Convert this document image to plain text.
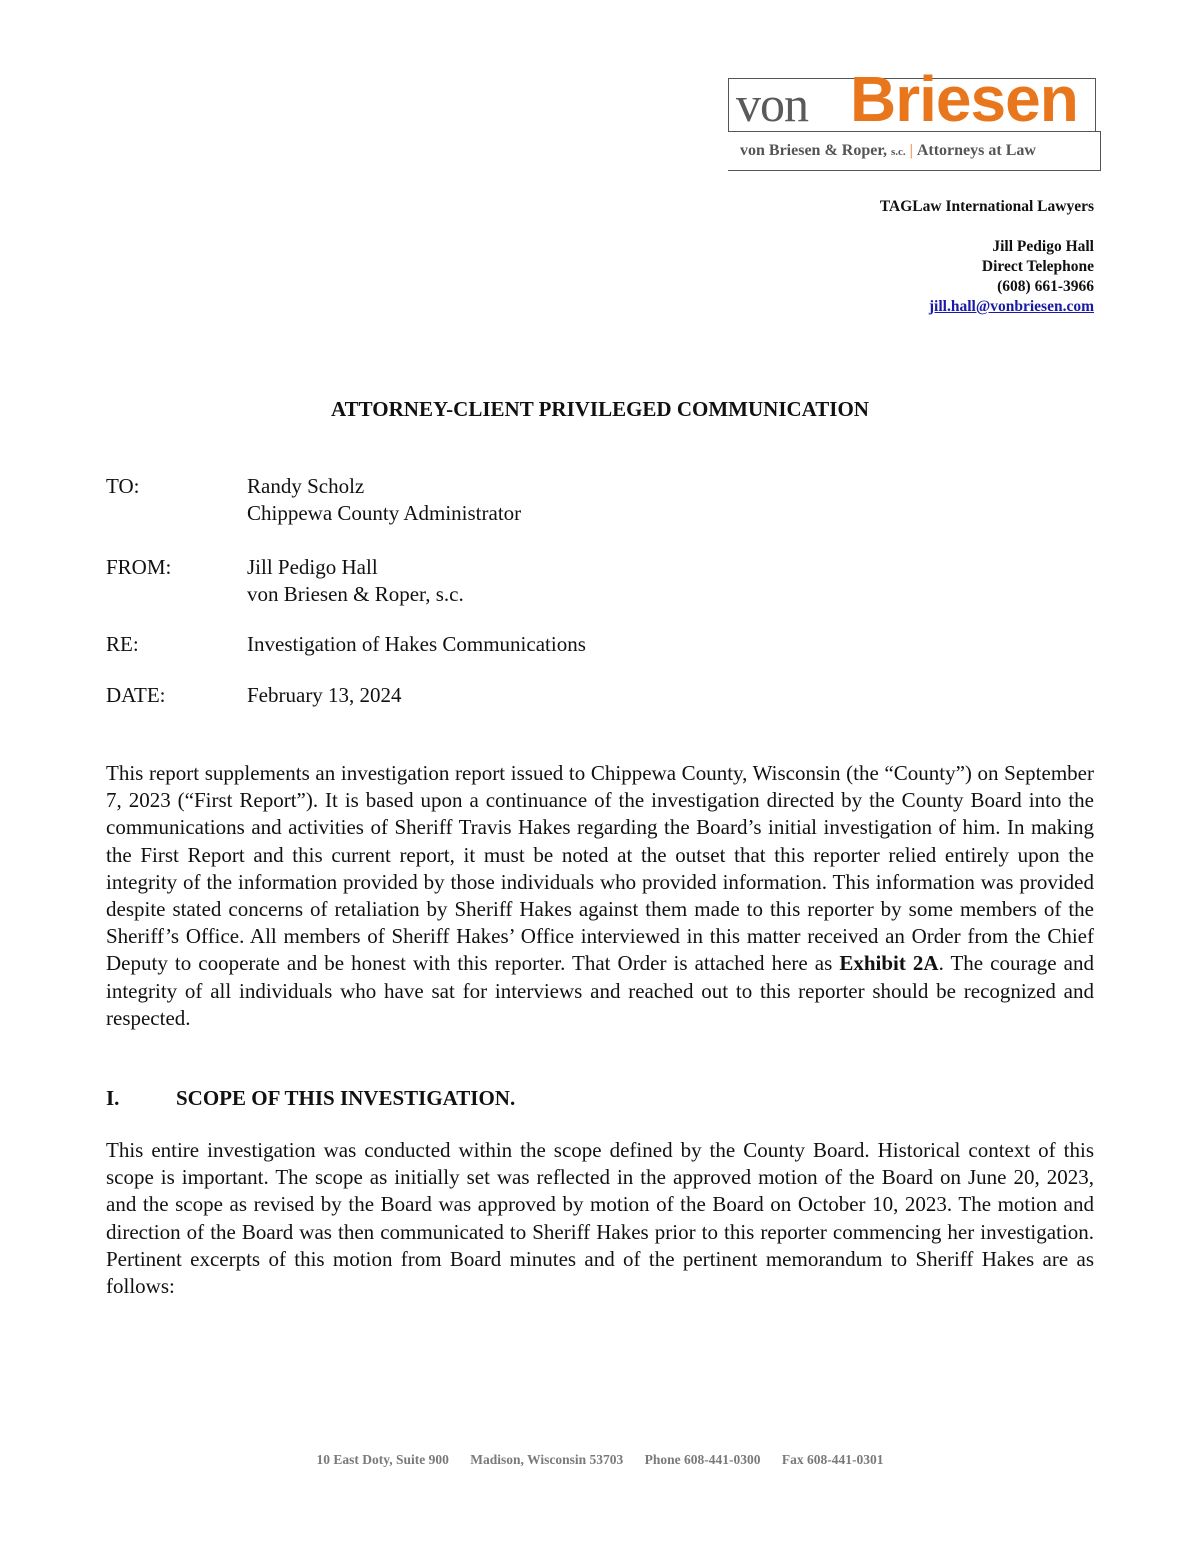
von Briesen
von Briesen & Roper, s.c. | Attorneys at Law
TAGLaw International Lawyers
Jill Pedigo Hall
Direct Telephone
(608) 661-3966
jill.hall@vonbriesen.com
ATTORNEY-CLIENT PRIVILEGED COMMUNICATION
TO:	Randy Scholz
Chippewa County Administrator
FROM:	Jill Pedigo Hall
von Briesen & Roper, s.c.
RE:	Investigation of Hakes Communications
DATE:	February 13, 2024

This report supplements an investigation report issued to Chippewa County, Wisconsin (the “County”) on September 7, 2023 (“First Report”). It is based upon a continuance of the investigation directed by the County Board into the communications and activities of Sheriff Travis Hakes regarding the Board’s initial investigation of him. In making the First Report and this current report, it must be noted at the outset that this reporter relied entirely upon the integrity of the information provided by those individuals who provided information. This information was provided despite stated concerns of retaliation by Sheriff Hakes against them made to this reporter by some members of the Sheriff’s Office. All members of Sheriff Hakes’ Office interviewed in this matter received an Order from the Chief Deputy to cooperate and be honest with this reporter. That Order is attached here as Exhibit 2A. The courage and integrity of all individuals who have sat for interviews and reached out to this reporter should be recognized and respected.

I.	SCOPE OF THIS INVESTIGATION.

This entire investigation was conducted within the scope defined by the County Board. Historical context of this scope is important. The scope as initially set was reflected in the approved motion of the Board on June 20, 2023, and the scope as revised by the Board was approved by motion of the Board on October 10, 2023. The motion and direction of the Board was then communicated to Sheriff Hakes prior to this reporter commencing her investigation. Pertinent excerpts of this motion from Board minutes and of the pertinent memorandum to Sheriff Hakes are as follows:

10 East Doty, Suite 900 Madison, Wisconsin 53703 Phone 608-441-0300 Fax 608-441-0301
